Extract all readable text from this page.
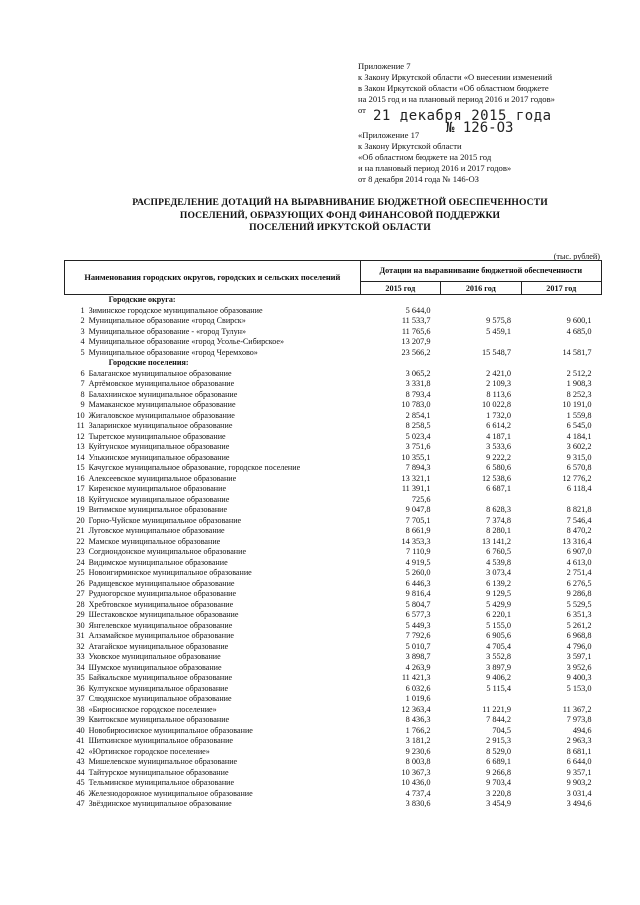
Приложение 7
к Закону Иркутской области «О внесении изменений
в Закон Иркутской области «Об областном бюджете
на 2015 год и на плановый период 2016 и 2017 годов»
от 21 декабря 2015 года
№ 126-ОЗ
«Приложение 17
к Закону Иркутской области
«Об областном бюджете на 2015 год
и на плановый период 2016 и 2017 годов»
от 8 декабря 2014 года № 146-ОЗ
РАСПРЕДЕЛЕНИЕ ДОТАЦИЙ НА ВЫРАВНИВАНИЕ БЮДЖЕТНОЙ ОБЕСПЕЧЕННОСТИ
ПОСЕЛЕНИЙ, ОБРАЗУЮЩИХ ФОНД ФИНАНСОВОЙ ПОДДЕРЖКИ
ПОСЕЛЕНИЙ ИРКУТСКОЙ ОБЛАСТИ
(тыс. рублей)
Наименования городских округов, городских и сельских поселений		Дотации на выравнивание бюджетной обеспеченности		
		2015 год	2016 год	2017 год
	Городские округа:			
1	Зиминское городское муниципальное образование	5 644,0		
2	Муниципальное образование «город Свирск»	11 533,7	9 575,8	9 600,1
3	Муниципальное образование - «город Тулун»	11 765,6	5 459,1	4 685,0
4	Муниципальное образование «город Усолье-Сибирское»	13 207,9		
5	Муниципальное образование «город Черемхово»	23 566,2	15 548,7	14 581,7
	Городские поселения:			
6	Балаганское муниципальное образование	3 065,2	2 421,0	2 512,2
7	Артёмовское муниципальное образование	3 331,8	2 109,3	1 908,3
8	Балахнинское муниципальное образование	8 793,4	8 113,6	8 252,3
9	Мамаканское муниципальное образование	10 783,0	10 022,8	10 191,0
10	Жигаловское муниципальное образование	2 854,1	1 732,0	1 559,8
11	Заларинское муниципальное образование	8 258,5	6 614,2	6 545,0
12	Тыретское муниципальное образование	5 023,4	4 187,1	4 184,1
13	Куйтунское муниципальное образование	3 751,6	3 533,6	3 602,2
14	Улькинское муниципальное образование	10 355,1	9 222,2	9 315,0
15	Качугское муниципальное образование, городское поселение	7 894,3	6 580,6	6 570,8
16	Алексеевское муниципальное образование	13 321,1	12 538,6	12 776,2
17	Киренское муниципальное образование	11 391,1	6 687,1	6 118,4
18	Куйтунское муниципальное образование	725,6		
19	Витимское муниципальное образование	9 047,8	8 628,3	8 821,8
20	Горно-Чуйское муниципальное образование	7 705,1	7 374,8	7 546,4
21	Луговское муниципальное образование	8 661,9	8 280,1	8 470,2
22	Мамское муниципальное образование	14 353,3	13 141,2	13 316,4
23	Согдиондонское муниципальное образование	7 110,9	6 760,5	6 907,0
24	Видимское муниципальное образование	4 919,5	4 539,8	4 613,0
25	Новоигирминское муниципальное образование	5 260,0	3 073,4	2 751,4
26	Радищевское муниципальное образование	6 446,3	6 139,2	6 276,5
27	Рудногорское муниципальное образование	9 816,4	9 129,5	9 286,8
28	Хребтовское муниципальное образование	5 804,7	5 429,9	5 529,5
29	Шестаковское муниципальное образование	6 577,3	6 220,1	6 351,3
30	Янгелевское муниципальное образование	5 449,3	5 155,0	5 261,2
31	Алзамайское муниципальное образование	7 792,6	6 905,6	6 968,8
32	Атагайское муниципальное образование	5 010,7	4 705,4	4 796,0
33	Уковское муниципальное образование	3 898,7	3 552,8	3 597,1
34	Шумское муниципальное образование	4 263,9	3 897,9	3 952,6
35	Байкальское муниципальное образование	11 421,3	9 406,2	9 400,3
36	Култукское муниципальное образование	6 032,6	5 115,4	5 153,0
37	Слюдянское муниципальное образование	1 019,6		
38	«Бирюсинское городское поселение»	12 363,4	11 221,9	11 367,2
39	Квитокское муниципальное образование	8 436,3	7 844,2	7 973,8
40	Новобирюсинское муниципальное образование	1 766,2	704,5	494,6
41	Шиткинское муниципальное образование	3 181,2	2 915,3	2 963,3
42	«Юртинское городское поселение»	9 230,6	8 529,0	8 681,1
43	Мишелевское муниципальное образование	8 003,8	6 689,1	6 644,0
44	Тайтурское муниципальное образование	10 367,3	9 266,8	9 357,1
45	Тельминское муниципальное образование	10 436,0	9 703,4	9 903,2
46	Железнодорожное муниципальное образование	4 737,4	3 220,8	3 031,4
47	Звёздинское муниципальное образование	3 830,6	3 454,9	3 494,6
